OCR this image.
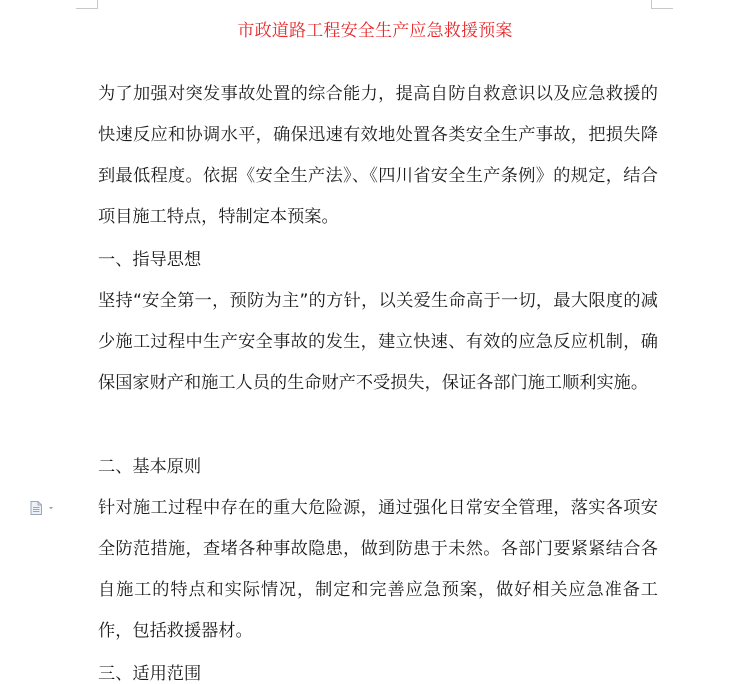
市政道路工程安全生产应急救援预案

为了加强对突发事故处置的综合能力，提高自防自救意识以及应急救援的快速反应和协调水平，确保迅速有效地处置各类安全生产事故，把损失降到最低程度。依据《安全生产法》、《四川省安全生产条例》的规定，结合项目施工特点，特制定本预案。

一、指导思想

坚持“安全第一，预防为主”的方针，以关爱生命高于一切，最大限度的减少施工过程中生产安全事故的发生，建立快速、有效的应急反应机制，确保国家财产和施工人员的生命财产不受损失，保证各部门施工顺利实施。

二、基本原则

针对施工过程中存在的重大危险源，通过强化日常安全管理，落实各项安全防范措施，查堵各种事故隐患，做到防患于未然。各部门要紧紧结合各自施工的特点和实际情况，制定和完善应急预案，做好相关应急准备工作，包括救援器材。

三、适用范围
